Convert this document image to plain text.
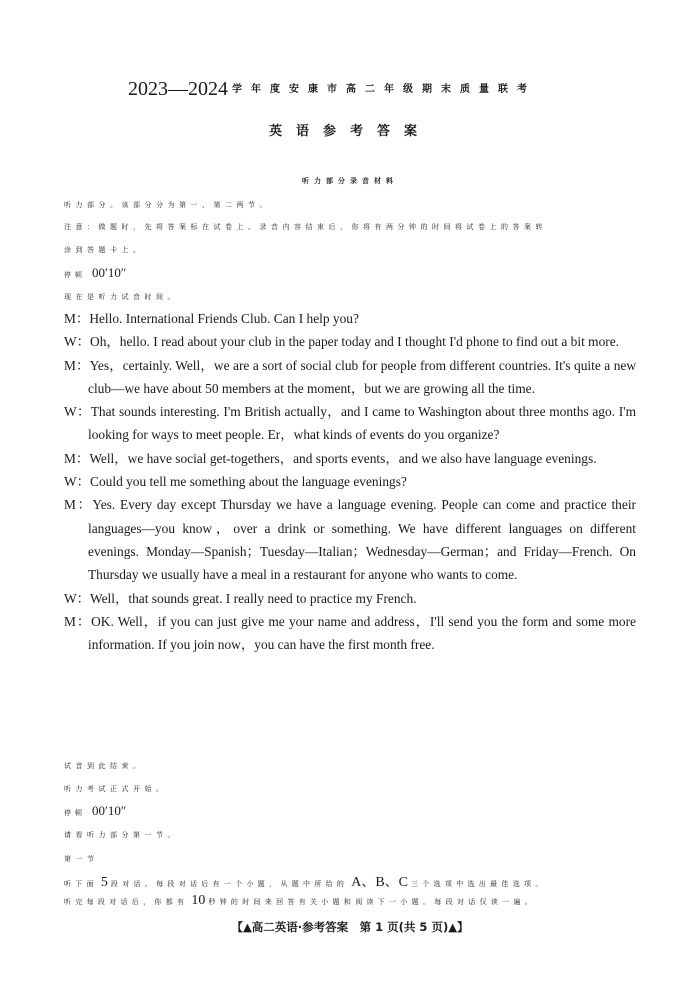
2023—2024 学年度安康市高二年级期末质量联考
英语参考答案
听力部分录音材料
听力部分。该部分分为第一、第二两节。
注意：做题时，先将答案标在试卷上。录音内容结束后，你将有两分钟的时间将试卷上的答案转
涂到答题卡上。
停顿 00′10″
现在是听力试音时间。

M：Hello. International Friends Club. Can I help you?

W：Oh，hello. I read about your club in the paper today and I thought I'd phone to find out a bit more.

M：Yes，certainly. Well，we are a sort of social club for people from different countries. It's quite a new club—we have about 50 members at the moment，but we are growing all the time.

W：That sounds interesting. I'm British actually，and I came to Washington about three months ago. I'm looking for ways to meet people. Er，what kinds of events do you organize?

M：Well，we have social get-togethers，and sports events，and we also have language evenings.

W：Could you tell me something about the language evenings?

M：Yes. Every day except Thursday we have a language evening. People can come and practice their languages—you know，over a drink or something. We have different languages on different evenings. Monday—Spanish；Tuesday—Italian；Wednesday—German；and Friday—French. On Thursday we usually have a meal in a restaurant for anyone who wants to come.

W：Well，that sounds great. I really need to practice my French.

M：OK. Well，if you can just give me your name and address，I'll send you the form and some more information. If you join now，you can have the first month free.

试音到此结束。
听力考试正式开始。
停顿 00′10″
请看听力部分第一节。
第一节
听下面 5 段对话。每段对话后有一个小题，从题中所给的 A、B、C 三个选项中选出最佳选项。
听完每段对话后，你都有 10 秒钟的时间来回答有关小题和阅读下一小题。每段对话仅读一遍。
【▲高二英语·参考答案　第 1 页(共 5 页)▲】
